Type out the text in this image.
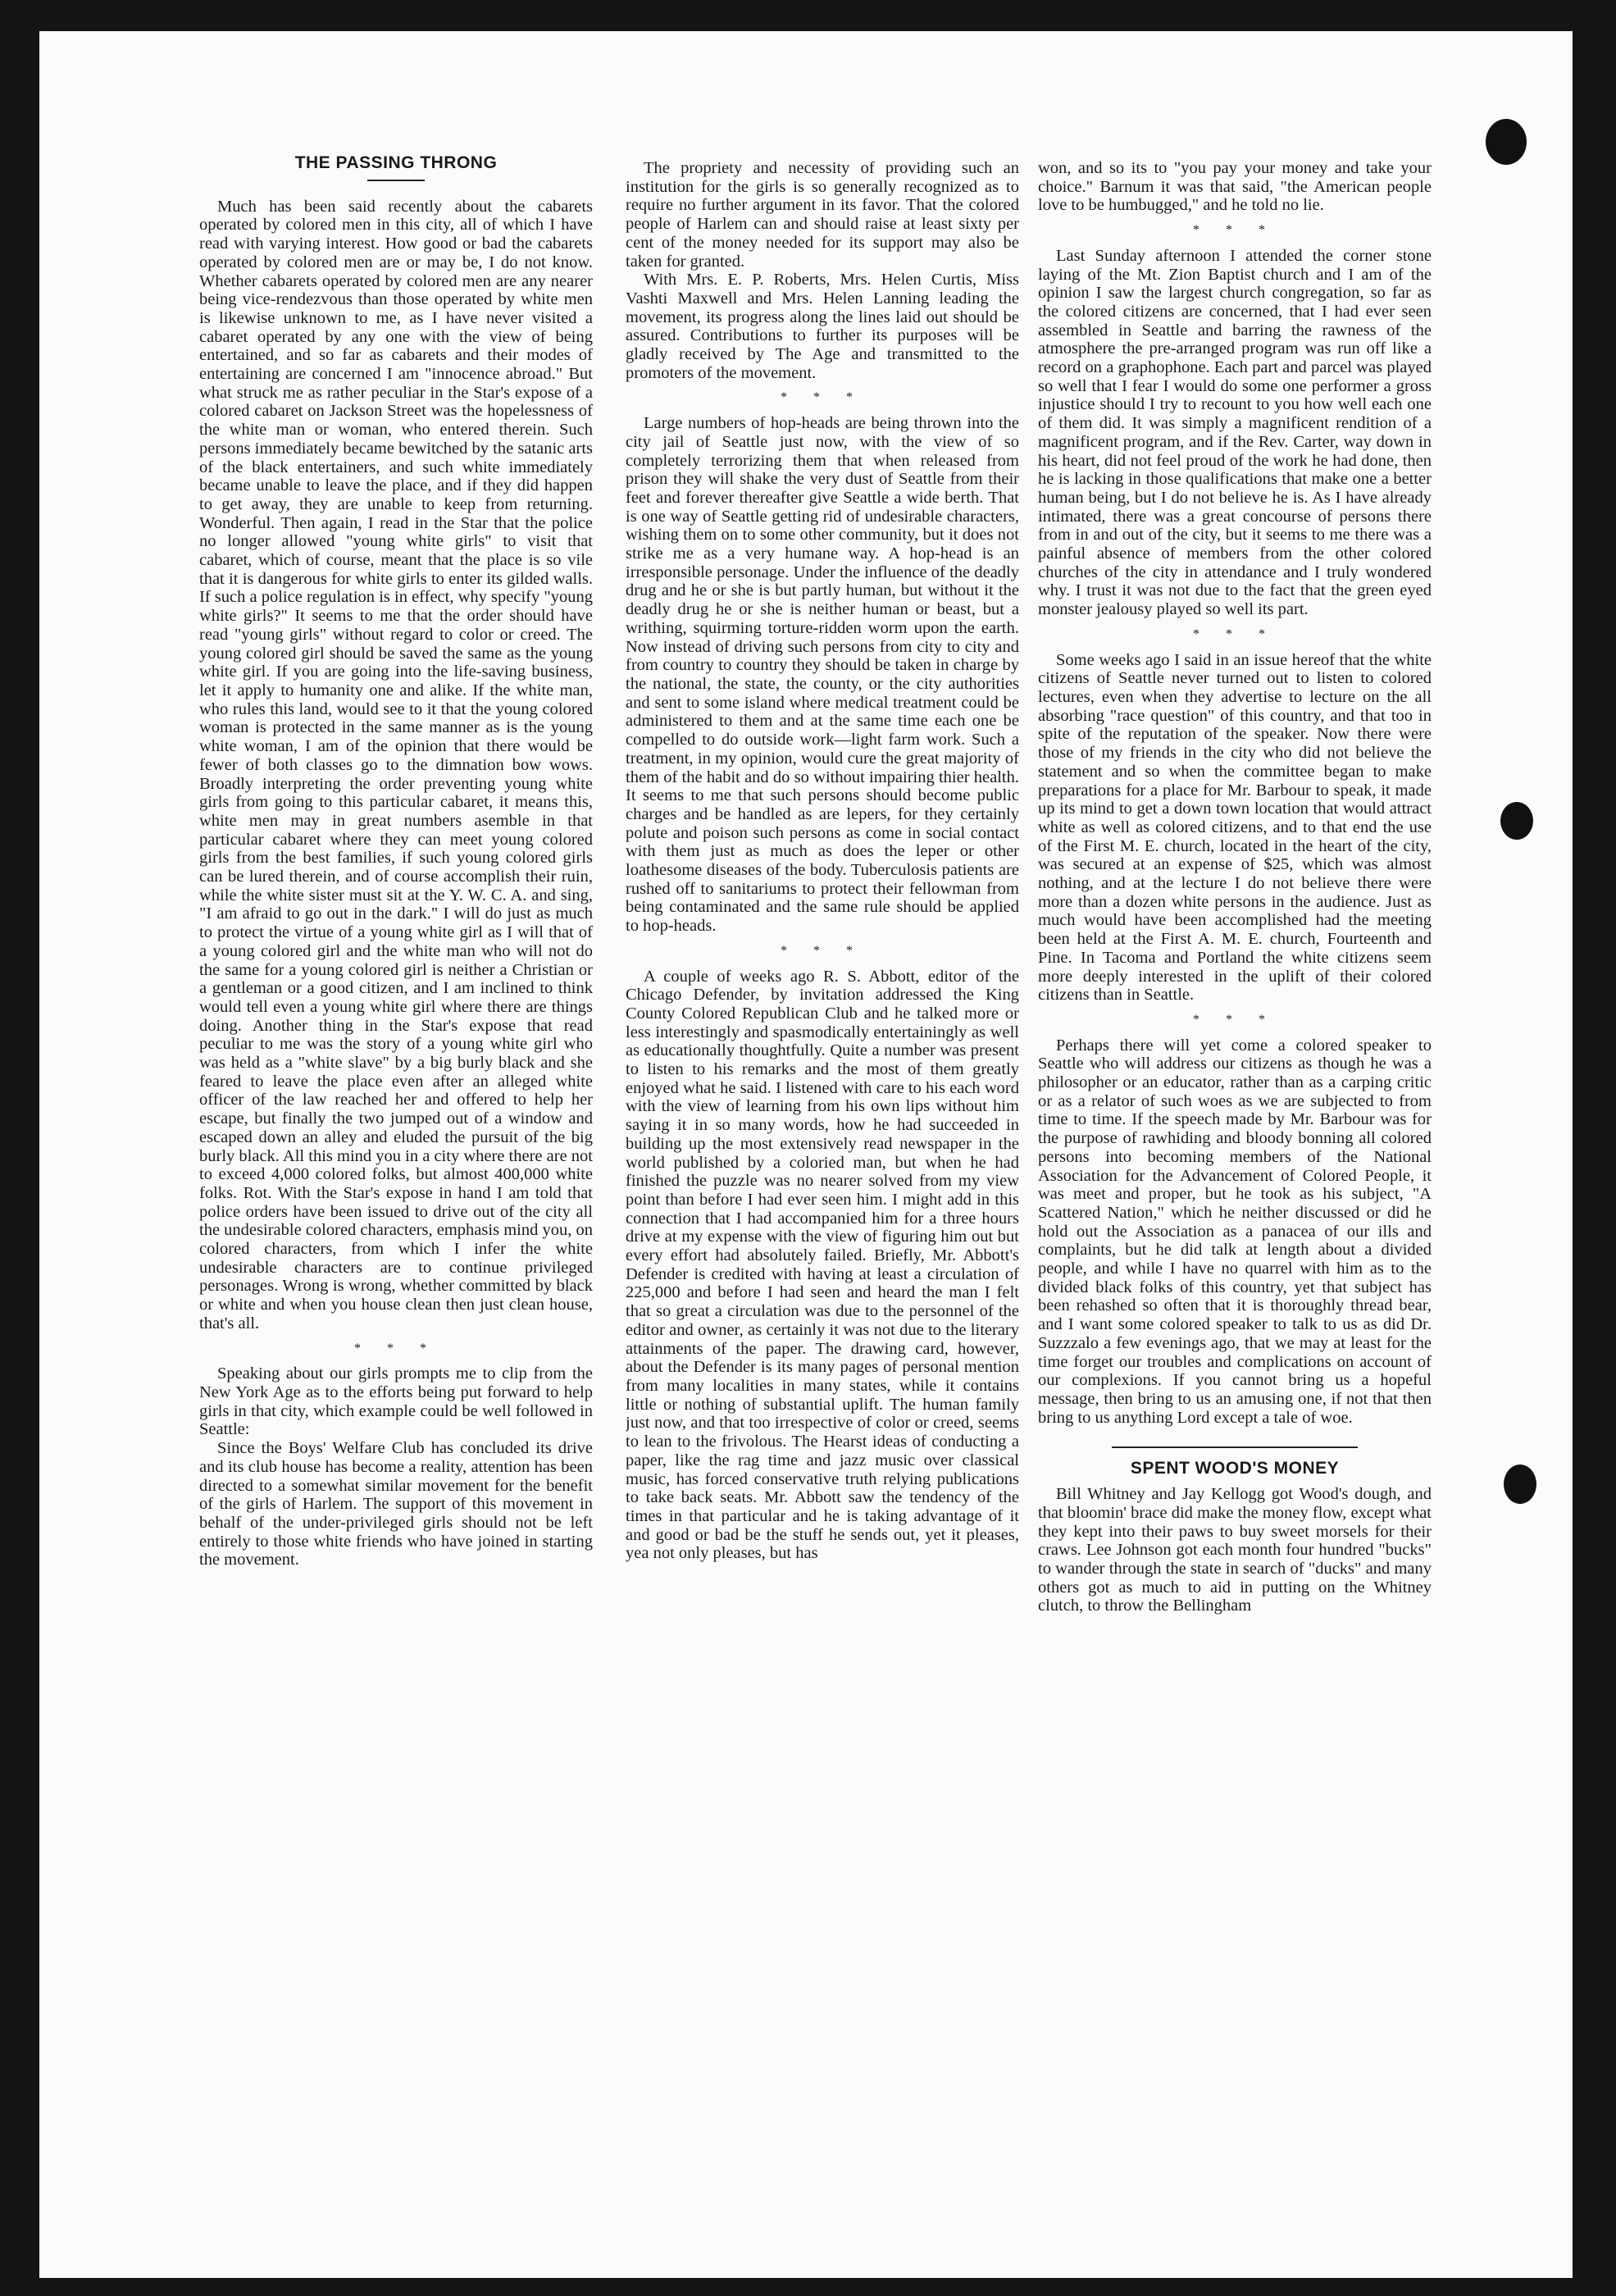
THE PASSING THRONG

Much has been said recently about the cabarets operated by colored men in this city, all of which I have read with varying interest. How good or bad the cabarets operated by colored men are or may be, I do not know. Whether cabarets operated by colored men are any nearer being vice-rendezvous than those operated by white men is likewise unknown to me, as I have never visited a cabaret operated by any one with the view of being entertained, and so far as cabarets and their modes of entertaining are concerned I am "innocence abroad." But what struck me as rather peculiar in the Star's expose of a colored cabaret on Jackson Street was the hopelessness of the white man or woman, who entered therein. Such persons immediately became bewitched by the satanic arts of the black entertainers, and such white immediately became unable to leave the place, and if they did happen to get away, they are unable to keep from returning. Wonderful. Then again, I read in the Star that the police no longer allowed "young white girls" to visit that cabaret, which of course, meant that the place is so vile that it is dangerous for white girls to enter its gilded walls. If such a police regulation is in effect, why specify "young white girls?" It seems to me that the order should have read "young girls" without regard to color or creed. The young colored girl should be saved the same as the young white girl. If you are going into the life-saving business, let it apply to humanity one and alike. If the white man, who rules this land, would see to it that the young colored woman is protected in the same manner as is the young white woman, I am of the opinion that there would be fewer of both classes go to the dimnation bow wows. Broadly interpreting the order preventing young white girls from going to this particular cabaret, it means this, white men may in great numbers asemble in that particular cabaret where they can meet young colored girls from the best families, if such young colored girls can be lured therein, and of course accomplish their ruin, while the white sister must sit at the Y. W. C. A. and sing, "I am afraid to go out in the dark." I will do just as much to protect the virtue of a young white girl as I will that of a young colored girl and the white man who will not do the same for a young colored girl is neither a Christian or a gentleman or a good citizen, and I am inclined to think would tell even a young white girl where there are things doing. Another thing in the Star's expose that read peculiar to me was the story of a young white girl who was held as a "white slave" by a big burly black and she feared to leave the place even after an alleged white officer of the law reached her and offered to help her escape, but finally the two jumped out of a window and escaped down an alley and eluded the pursuit of the big burly black. All this mind you in a city where there are not to exceed 4,000 colored folks, but almost 400,000 white folks. Rot. With the Star's expose in hand I am told that police orders have been issued to drive out of the city all the undesirable colored characters, emphasis mind you, on colored characters, from which I infer the white undesirable characters are to continue privileged personages. Wrong is wrong, whether committed by black or white and when you house clean then just clean house, that's all.

* * *

Speaking about our girls prompts me to clip from the New York Age as to the efforts being put forward to help girls in that city, which example could be well followed in Seattle:

Since the Boys' Welfare Club has concluded its drive and its club house has become a reality, attention has been directed to a somewhat similar movement for the benefit of the girls of Harlem. The support of this movement in behalf of the under-privileged girls should not be left entirely to those white friends who have joined in starting the movement.

The propriety and necessity of providing such an institution for the girls is so generally recognized as to require no further argument in its favor. That the colored people of Harlem can and should raise at least sixty per cent of the money needed for its support may also be taken for granted.

With Mrs. E. P. Roberts, Mrs. Helen Curtis, Miss Vashti Maxwell and Mrs. Helen Lanning leading the movement, its progress along the lines laid out should be assured. Contributions to further its purposes will be gladly received by The Age and transmitted to the promoters of the movement.

* * *

Large numbers of hop-heads are being thrown into the city jail of Seattle just now, with the view of so completely terrorizing them that when released from prison they will shake the very dust of Seattle from their feet and forever thereafter give Seattle a wide berth. That is one way of Seattle getting rid of undesirable characters, wishing them on to some other community, but it does not strike me as a very humane way. A hop-head is an irresponsible personage. Under the influence of the deadly drug and he or she is but partly human, but without it the deadly drug he or she is neither human or beast, but a writhing, squirming torture-ridden worm upon the earth. Now instead of driving such persons from city to city and from country to country they should be taken in charge by the national, the state, the county, or the city authorities and sent to some island where medical treatment could be administered to them and at the same time each one be compelled to do outside work—light farm work. Such a treatment, in my opinion, would cure the great majority of them of the habit and do so without impairing thier health. It seems to me that such persons should become public charges and be handled as are lepers, for they certainly polute and poison such persons as come in social contact with them just as much as does the leper or other loathesome diseases of the body. Tuberculosis patients are rushed off to sanitariums to protect their fellowman from being contaminated and the same rule should be applied to hop-heads.

* * *

A couple of weeks ago R. S. Abbott, editor of the Chicago Defender, by invitation addressed the King County Colored Republican Club and he talked more or less interestingly and spasmodically entertainingly as well as educationally thoughtfully. Quite a number was present to listen to his remarks and the most of them greatly enjoyed what he said. I listened with care to his each word with the view of learning from his own lips without him saying it in so many words, how he had succeeded in building up the most extensively read newspaper in the world published by a coloried man, but when he had finished the puzzle was no nearer solved from my view point than before I had ever seen him. I might add in this connection that I had accompanied him for a three hours drive at my expense with the view of figuring him out but every effort had absolutely failed. Briefly, Mr. Abbott's Defender is credited with having at least a circulation of 225,000 and before I had seen and heard the man I felt that so great a circulation was due to the personnel of the editor and owner, as certainly it was not due to the literary attainments of the paper. The drawing card, however, about the Defender is its many pages of personal mention from many localities in many states, while it contains little or nothing of substantial uplift. The human family just now, and that too irrespective of color or creed, seems to lean to the frivolous. The Hearst ideas of conducting a paper, like the rag time and jazz music over classical music, has forced conservative truth relying publications to take back seats. Mr. Abbott saw the tendency of the times in that particular and he is taking advantage of it and good or bad be the stuff he sends out, yet it pleases, yea not only pleases, but has

won, and so its to "you pay your money and take your choice." Barnum it was that said, "the American people love to be humbugged," and he told no lie.

* * *

Last Sunday afternoon I attended the corner stone laying of the Mt. Zion Baptist church and I am of the opinion I saw the largest church congregation, so far as the colored citizens are concerned, that I had ever seen assembled in Seattle and barring the rawness of the atmosphere the pre-arranged program was run off like a record on a graphophone. Each part and parcel was played so well that I fear I would do some one performer a gross injustice should I try to recount to you how well each one of them did. It was simply a magnificent rendition of a magnificent program, and if the Rev. Carter, way down in his heart, did not feel proud of the work he had done, then he is lacking in those qualifications that make one a better human being, but I do not believe he is. As I have already intimated, there was a great concourse of persons there from in and out of the city, but it seems to me there was a painful absence of members from the other colored churches of the city in attendance and I truly wondered why. I trust it was not due to the fact that the green eyed monster jealousy played so well its part.

* * *

Some weeks ago I said in an issue hereof that the white citizens of Seattle never turned out to listen to colored lectures, even when they advertise to lecture on the all absorbing "race question" of this country, and that too in spite of the reputation of the speaker. Now there were those of my friends in the city who did not believe the statement and so when the committee began to make preparations for a place for Mr. Barbour to speak, it made up its mind to get a down town location that would attract white as well as colored citizens, and to that end the use of the First M. E. church, located in the heart of the city, was secured at an expense of $25, which was almost nothing, and at the lecture I do not believe there were more than a dozen white persons in the audience. Just as much would have been accomplished had the meeting been held at the First A. M. E. church, Fourteenth and Pine. In Tacoma and Portland the white citizens seem more deeply interested in the uplift of their colored citizens than in Seattle.

* * *

Perhaps there will yet come a colored speaker to Seattle who will address our citizens as though he was a philosopher or an educator, rather than as a carping critic or as a relator of such woes as we are subjected to from time to time. If the speech made by Mr. Barbour was for the purpose of rawhiding and bloody bonning all colored persons into becoming members of the National Association for the Advancement of Colored People, it was meet and proper, but he took as his subject, "A Scattered Nation," which he neither discussed or did he hold out the Association as a panacea of our ills and complaints, but he did talk at length about a divided people, and while I have no quarrel with him as to the divided black folks of this country, yet that subject has been rehashed so often that it is thoroughly thread bear, and I want some colored speaker to talk to us as did Dr. Suzzzalo a few evenings ago, that we may at least for the time forget our troubles and complications on account of our complexions. If you cannot bring us a hopeful message, then bring to us an amusing one, if not that then bring to us anything Lord except a tale of woe.

SPENT WOOD'S MONEY

Bill Whitney and Jay Kellogg got Wood's dough, and that bloomin' brace did make the money flow, except what they kept into their paws to buy sweet morsels for their craws. Lee Johnson got each month four hundred "bucks" to wander through the state in search of "ducks" and many others got as much to aid in putting on the Whitney clutch, to throw the Bellingham
